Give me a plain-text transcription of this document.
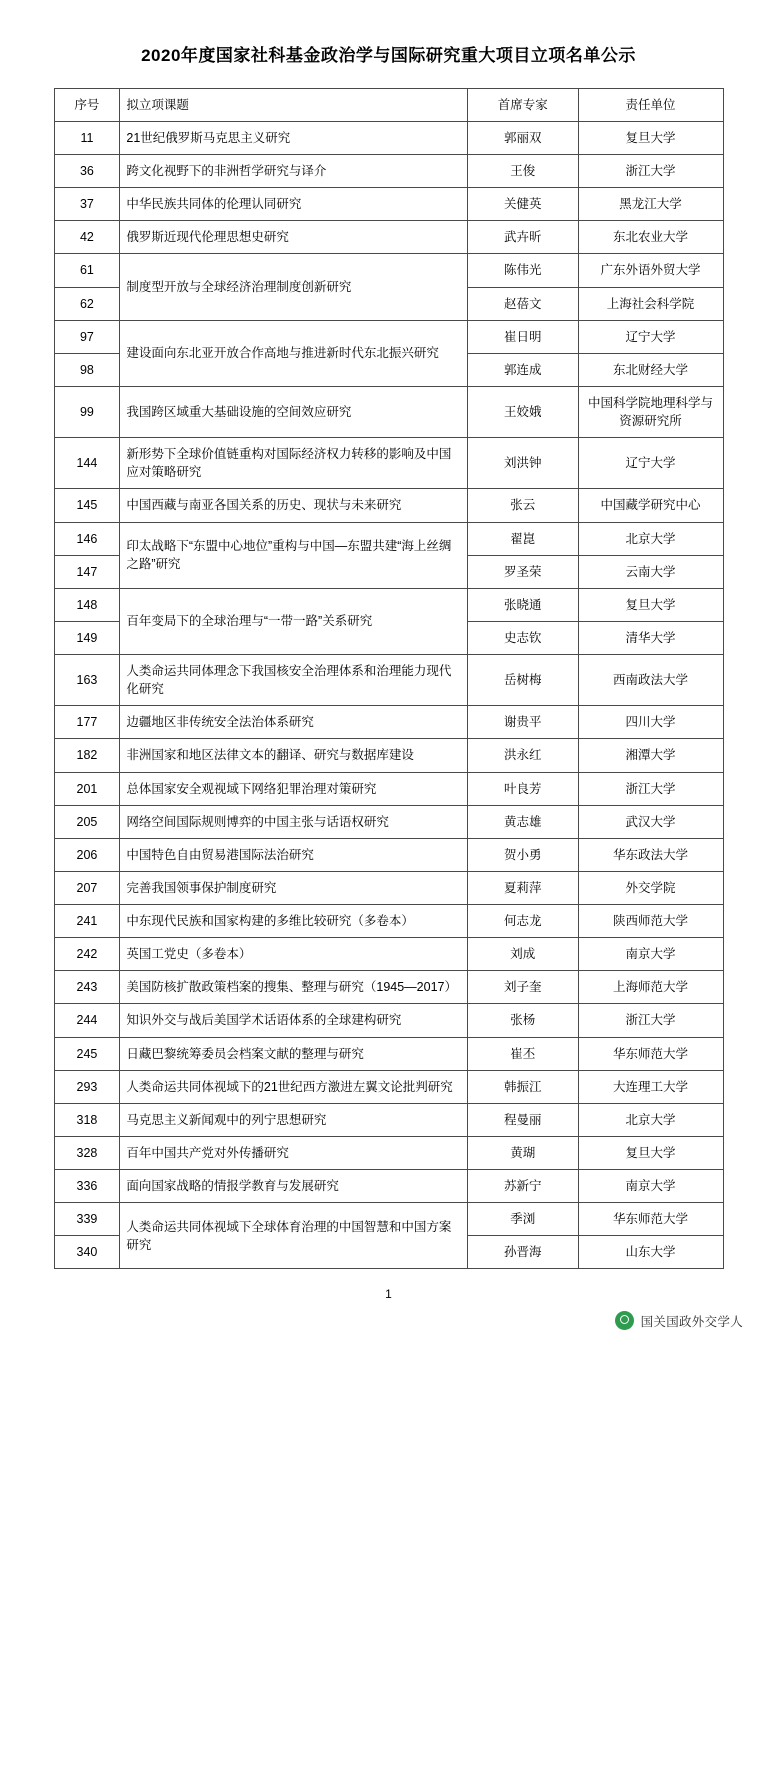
2020年度国家社科基金政治学与国际研究重大项目立项名单公示
序号	拟立项课题	首席专家	责任单位
11	21世纪俄罗斯马克思主义研究	郭丽双	复旦大学
36	跨文化视野下的非洲哲学研究与译介	王俊	浙江大学
37	中华民族共同体的伦理认同研究	关健英	黑龙江大学
42	俄罗斯近现代伦理思想史研究	武卉昕	东北农业大学
61	制度型开放与全球经济治理制度创新研究	陈伟光	广东外语外贸大学
62		赵蓓文	上海社会科学院
97	建设面向东北亚开放合作高地与推进新时代东北振兴研究	崔日明	辽宁大学
98		郭连成	东北财经大学
99	我国跨区域重大基础设施的空间效应研究	王姣娥	中国科学院地理科学与资源研究所
144	新形势下全球价值链重构对国际经济权力转移的影响及中国应对策略研究	刘洪钟	辽宁大学
145	中国西藏与南亚各国关系的历史、现状与未来研究	张云	中国藏学研究中心
146	印太战略下“东盟中心地位”重构与中国—东盟共建“海上丝绸之路”研究	翟崑	北京大学
147		罗圣荣	云南大学
148	百年变局下的全球治理与“一带一路”关系研究	张晓通	复旦大学
149		史志钦	清华大学
163	人类命运共同体理念下我国核安全治理体系和治理能力现代化研究	岳树梅	西南政法大学
177	边疆地区非传统安全法治体系研究	谢贵平	四川大学
182	非洲国家和地区法律文本的翻译、研究与数据库建设	洪永红	湘潭大学
201	总体国家安全观视域下网络犯罪治理对策研究	叶良芳	浙江大学
205	网络空间国际规则博弈的中国主张与话语权研究	黄志雄	武汉大学
206	中国特色自由贸易港国际法治研究	贺小勇	华东政法大学
207	完善我国领事保护制度研究	夏莉萍	外交学院
241	中东现代民族和国家构建的多维比较研究（多卷本）	何志龙	陕西师范大学
242	英国工党史（多卷本）	刘成	南京大学
243	美国防核扩散政策档案的搜集、整理与研究（1945—2017）	刘子奎	上海师范大学
244	知识外交与战后美国学术话语体系的全球建构研究	张杨	浙江大学
245	日藏巴黎统筹委员会档案文献的整理与研究	崔丕	华东师范大学
293	人类命运共同体视域下的21世纪西方激进左翼文论批判研究	韩振江	大连理工大学
318	马克思主义新闻观中的列宁思想研究	程曼丽	北京大学
328	百年中国共产党对外传播研究	黄瑚	复旦大学
336	面向国家战略的情报学教育与发展研究	苏新宁	南京大学
339	人类命运共同体视域下全球体育治理的中国智慧和中国方案研究	季浏	华东师范大学
340		孙晋海	山东大学
1
国关国政外交学人
